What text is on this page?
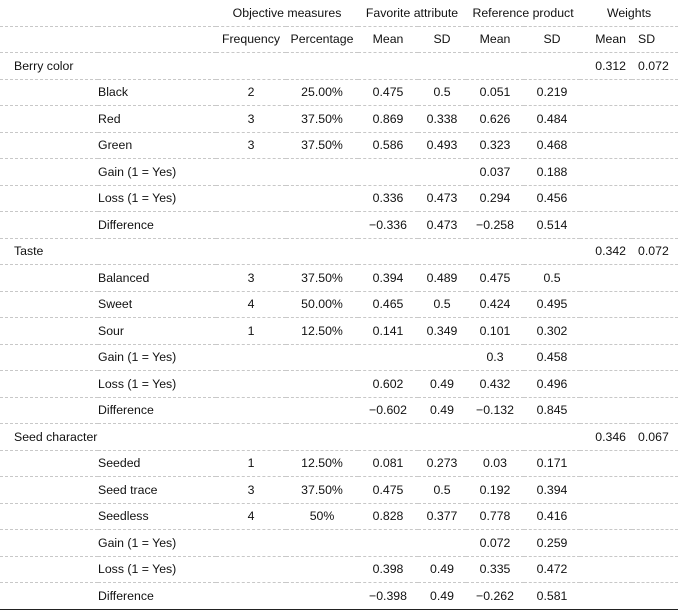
		Objective measures		Favorite attribute		Reference product		Weights	
		Frequency	Percentage	Mean	SD	Mean	SD	Mean	SD
Berry color								0.312	0.072
	Black	2	25.00%	0.475	0.5	0.051	0.219		
	Red	3	37.50%	0.869	0.338	0.626	0.484		
	Green	3	37.50%	0.586	0.493	0.323	0.468		
	Gain (1 = Yes)					0.037	0.188		
	Loss (1 = Yes)			0.336	0.473	0.294	0.456		
	Difference			−0.336	0.473	−0.258	0.514		
Taste								0.342	0.072
	Balanced	3	37.50%	0.394	0.489	0.475	0.5		
	Sweet	4	50.00%	0.465	0.5	0.424	0.495		
	Sour	1	12.50%	0.141	0.349	0.101	0.302		
	Gain (1 = Yes)					0.3	0.458		
	Loss (1 = Yes)			0.602	0.49	0.432	0.496		
	Difference			−0.602	0.49	−0.132	0.845		
Seed character								0.346	0.067
	Seeded	1	12.50%	0.081	0.273	0.03	0.171		
	Seed trace	3	37.50%	0.475	0.5	0.192	0.394		
	Seedless	4	50%	0.828	0.377	0.778	0.416		
	Gain (1 = Yes)					0.072	0.259		
	Loss (1 = Yes)			0.398	0.49	0.335	0.472		
	Difference			−0.398	0.49	−0.262	0.581		
